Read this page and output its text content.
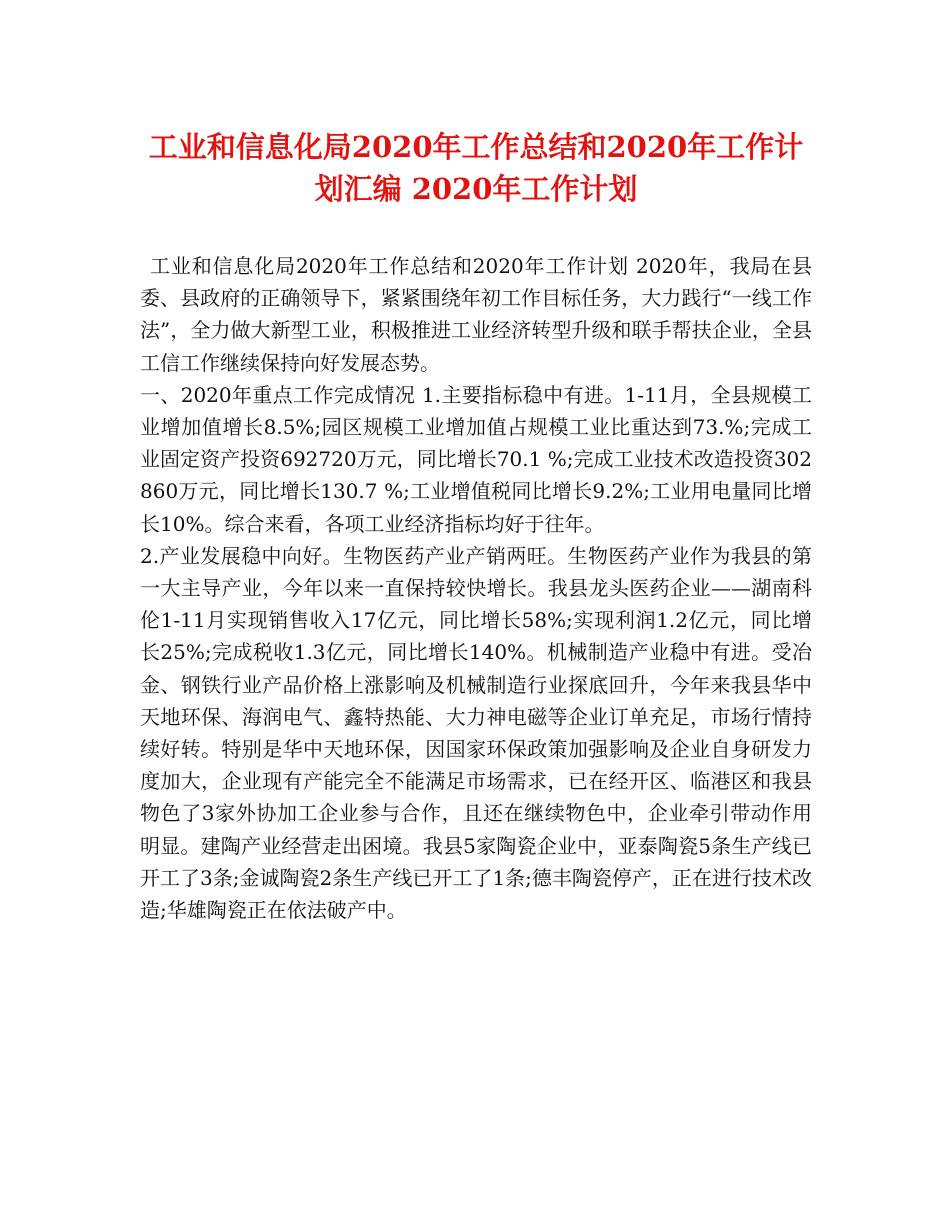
工业和信息化局2020年工作总结和2020年工作计划汇编 2020年工作计划

工业和信息化局2020年工作总结和2020年工作计划 2020年，我局在县委、县政府的正确领导下，紧紧围绕年初工作目标任务，大力践行“一线工作法”，全力做大新型工业，积极推进工业经济转型升级和联手帮扶企业，全县工信工作继续保持向好发展态势。

一、2020年重点工作完成情况 1.主要指标稳中有进。1-11月，全县规模工业增加值增长8.5%;园区规模工业增加值占规模工业比重达到73.%;完成工业固定资产投资692720万元，同比增长70.1 %;完成工业技术改造投资302860万元，同比增长130.7 %;工业增值税同比增长9.2%;工业用电量同比增长10%。综合来看，各项工业经济指标均好于往年。

2.产业发展稳中向好。生物医药产业产销两旺。生物医药产业作为我县的第一大主导产业，今年以来一直保持较快增长。我县龙头医药企业——湖南科伦1-11月实现销售收入17亿元，同比增长58%;实现利润1.2亿元，同比增长25%;完成税收1.3亿元，同比增长140%。机械制造产业稳中有进。受冶金、钢铁行业产品价格上涨影响及机械制造行业探底回升，今年来我县华中天地环保、海润电气、鑫特热能、大力神电磁等企业订单充足，市场行情持续好转。特别是华中天地环保，因国家环保政策加强影响及企业自身研发力度加大，企业现有产能完全不能满足市场需求，已在经开区、临港区和我县物色了3家外协加工企业参与合作，且还在继续物色中，企业牵引带动作用明显。建陶产业经营走出困境。我县5家陶瓷企业中，亚泰陶瓷5条生产线已开工了3条;金诚陶瓷2条生产线已开工了1条;德丰陶瓷停产，正在进行技术改造;华雄陶瓷正在依法破产中。
